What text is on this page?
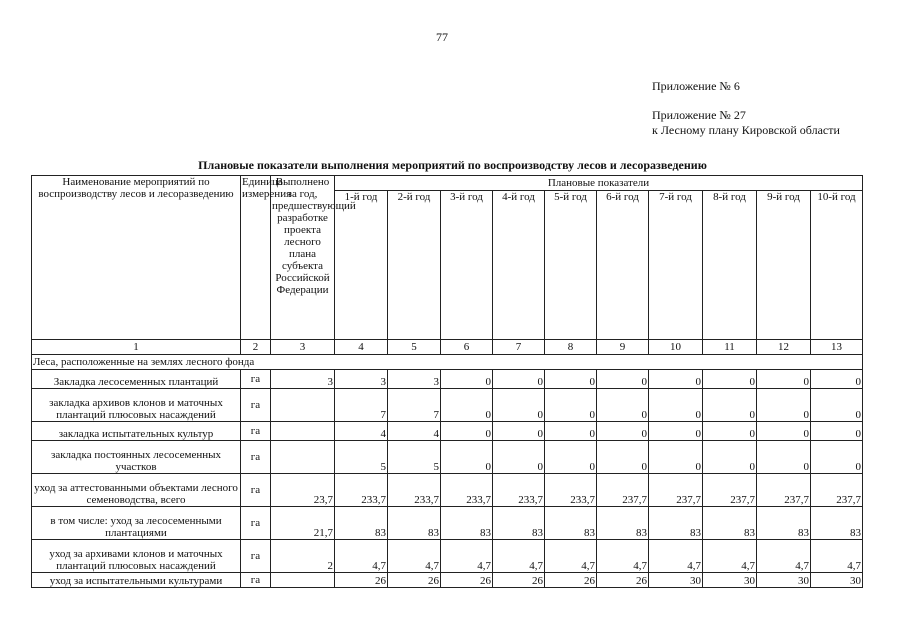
77
Приложение № 6
Приложение № 27
к Лесному плану Кировской области
Плановые показатели выполнения мероприятий по воспроизводству лесов и лесоразведению
Наименование мероприятий по воспроизводству лесов и лесоразведению	Единица измерения	Выполнено за год, предшествующий разработке проекта лесного плана субъекта Российской Федерации	Плановые показатели									
			1-й год	2-й год	3-й год	4-й год	5-й год	6-й год	7-й год	8-й год	9-й год	10-й год
1	2	3	4	5	6	7	8	9	10	11	12	13
Леса, расположенные на землях лесного фонда												
Закладка лесосеменных плантаций	га	3	3	3	0	0	0	0	0	0	0	0
закладка архивов клонов и маточных плантаций плюсовых насаждений	га		7	7	0	0	0	0	0	0	0	0
закладка испытательных культур	га		4	4	0	0	0	0	0	0	0	0
закладка постоянных лесосеменных участков	га		5	5	0	0	0	0	0	0	0	0
уход за аттестованными объектами лесного семеноводства, всего	га	23,7	233,7	233,7	233,7	233,7	233,7	237,7	237,7	237,7	237,7	237,7
в том числе: уход за лесосеменными плантациями	га	21,7	83	83	83	83	83	83	83	83	83	83
уход за архивами клонов и маточных плантаций плюсовых насаждений	га	2	4,7	4,7	4,7	4,7	4,7	4,7	4,7	4,7	4,7	4,7
уход за испытательными культурами	га		26	26	26	26	26	26	30	30	30	30
